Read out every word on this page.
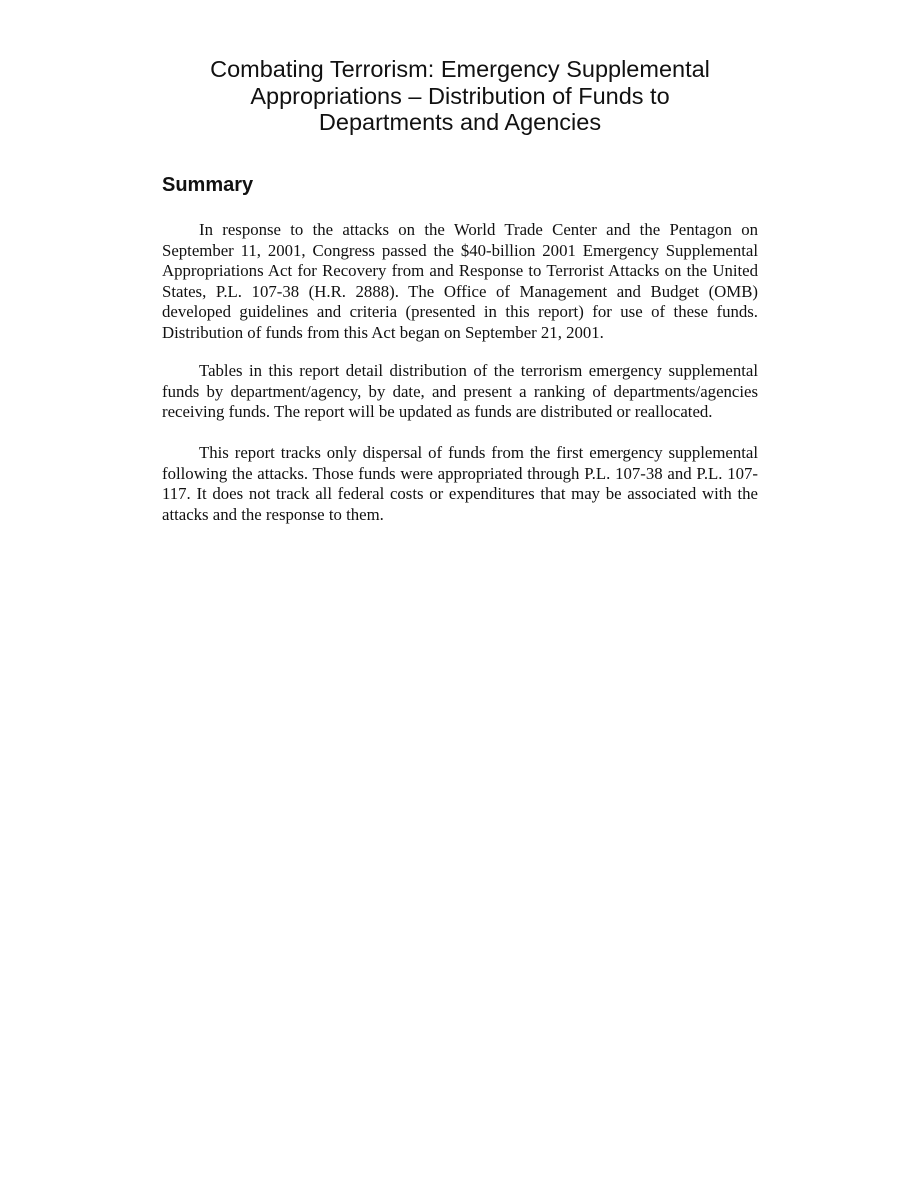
Combating Terrorism: Emergency Supplemental
Appropriations – Distribution of Funds to
Departments and Agencies
Summary

In response to the attacks on the World Trade Center and the Pentagon on September 11, 2001, Congress passed the $40-billion 2001 Emergency Supplemental Appropriations Act for Recovery from and Response to Terrorist Attacks on the United States, P.L. 107-38 (H.R. 2888). The Office of Management and Budget (OMB) developed guidelines and criteria (presented in this report) for use of these funds. Distribution of funds from this Act began on September 21, 2001.

Tables in this report detail distribution of the terrorism emergency supplemental funds by department/agency, by date, and present a ranking of departments/agencies receiving funds. The report will be updated as funds are distributed or reallocated.

This report tracks only dispersal of funds from the first emergency supplemental following the attacks. Those funds were appropriated through P.L. 107-38 and P.L. 107-117. It does not track all federal costs or expenditures that may be associated with the attacks and the response to them.
